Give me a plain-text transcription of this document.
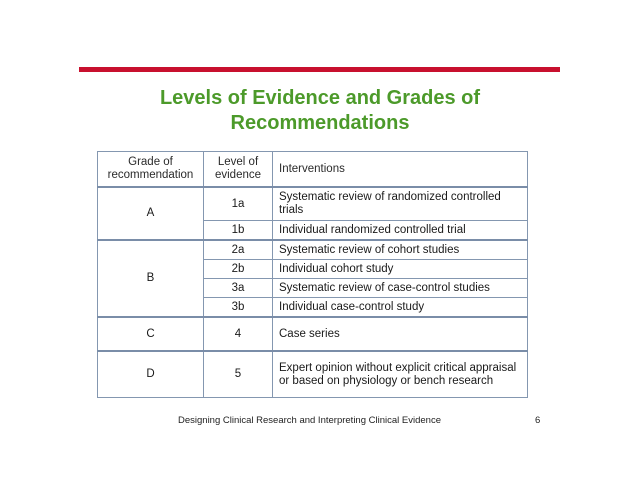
Levels of Evidence and Grades of
Recommendations
Grade of recommendation	Level of evidence	Interventions
A	1a	Systematic review of randomized controlled trials
	1b	Individual randomized controlled trial
B	2a	Systematic review of cohort studies
	2b	Individual cohort study
	3a	Systematic review of case-control studies
	3b	Individual case-control study
C	4	Case series
D	5	Expert opinion without explicit critical appraisal or based on physiology or bench research
Designing Clinical Research and Interpreting Clinical Evidence	6
